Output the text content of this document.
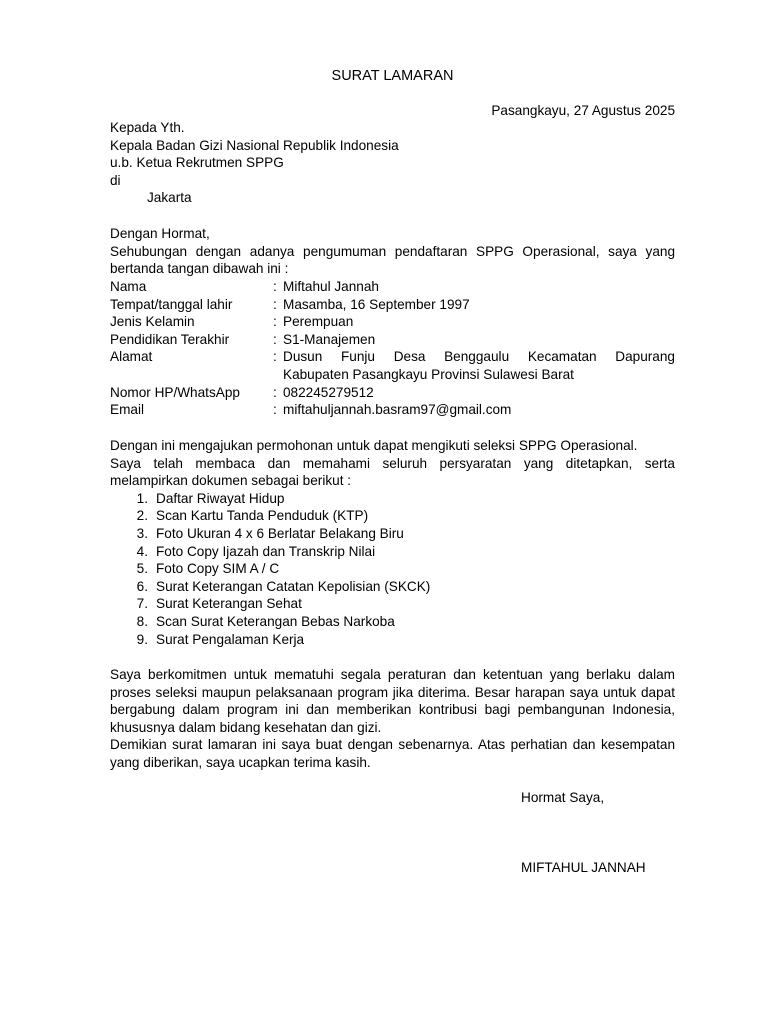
SURAT LAMARAN
Pasangkayu, 27 Agustus 2025
Kepada Yth.
Kepala Badan Gizi Nasional Republik Indonesia
u.b. Ketua Rekrutmen SPPG
di
Jakarta
Dengan Hormat,
Sehubungan dengan adanya pengumuman pendaftaran SPPG Operasional, saya yang bertanda tangan dibawah ini :
Nama	: Miftahul Jannah
Tempat/tanggal lahir	: Masamba, 16 September 1997
Jenis Kelamin	: Perempuan
Pendidikan Terakhir	: S1-Manajemen
Alamat	: Dusun Funju Desa Benggaulu Kecamatan Dapurang
Kabupaten Pasangkayu Provinsi Sulawesi Barat
Nomor HP/WhatsApp	: 082245279512
Email	: miftahuljannah.basram97@gmail.com
Dengan ini mengajukan permohonan untuk dapat mengikuti seleksi SPPG Operasional.
Saya telah membaca dan memahami seluruh persyaratan yang ditetapkan, serta melampirkan dokumen sebagai berikut :
1. Daftar Riwayat Hidup
2. Scan Kartu Tanda Penduduk (KTP)
3. Foto Ukuran 4 x 6 Berlatar Belakang Biru
4. Foto Copy Ijazah dan Transkrip Nilai
5. Foto Copy SIM A / C
6. Surat Keterangan Catatan Kepolisian (SKCK)
7. Surat Keterangan Sehat
8. Scan Surat Keterangan Bebas Narkoba
9. Surat Pengalaman Kerja
Saya berkomitmen untuk mematuhi segala peraturan dan ketentuan yang berlaku dalam proses seleksi maupun pelaksanaan program jika diterima. Besar harapan saya untuk dapat bergabung dalam program ini dan memberikan kontribusi bagi pembangunan Indonesia, khususnya dalam bidang kesehatan dan gizi.
Demikian surat lamaran ini saya buat dengan sebenarnya. Atas perhatian dan kesempatan yang diberikan, saya ucapkan terima kasih.
Hormat Saya,
MIFTAHUL JANNAH
